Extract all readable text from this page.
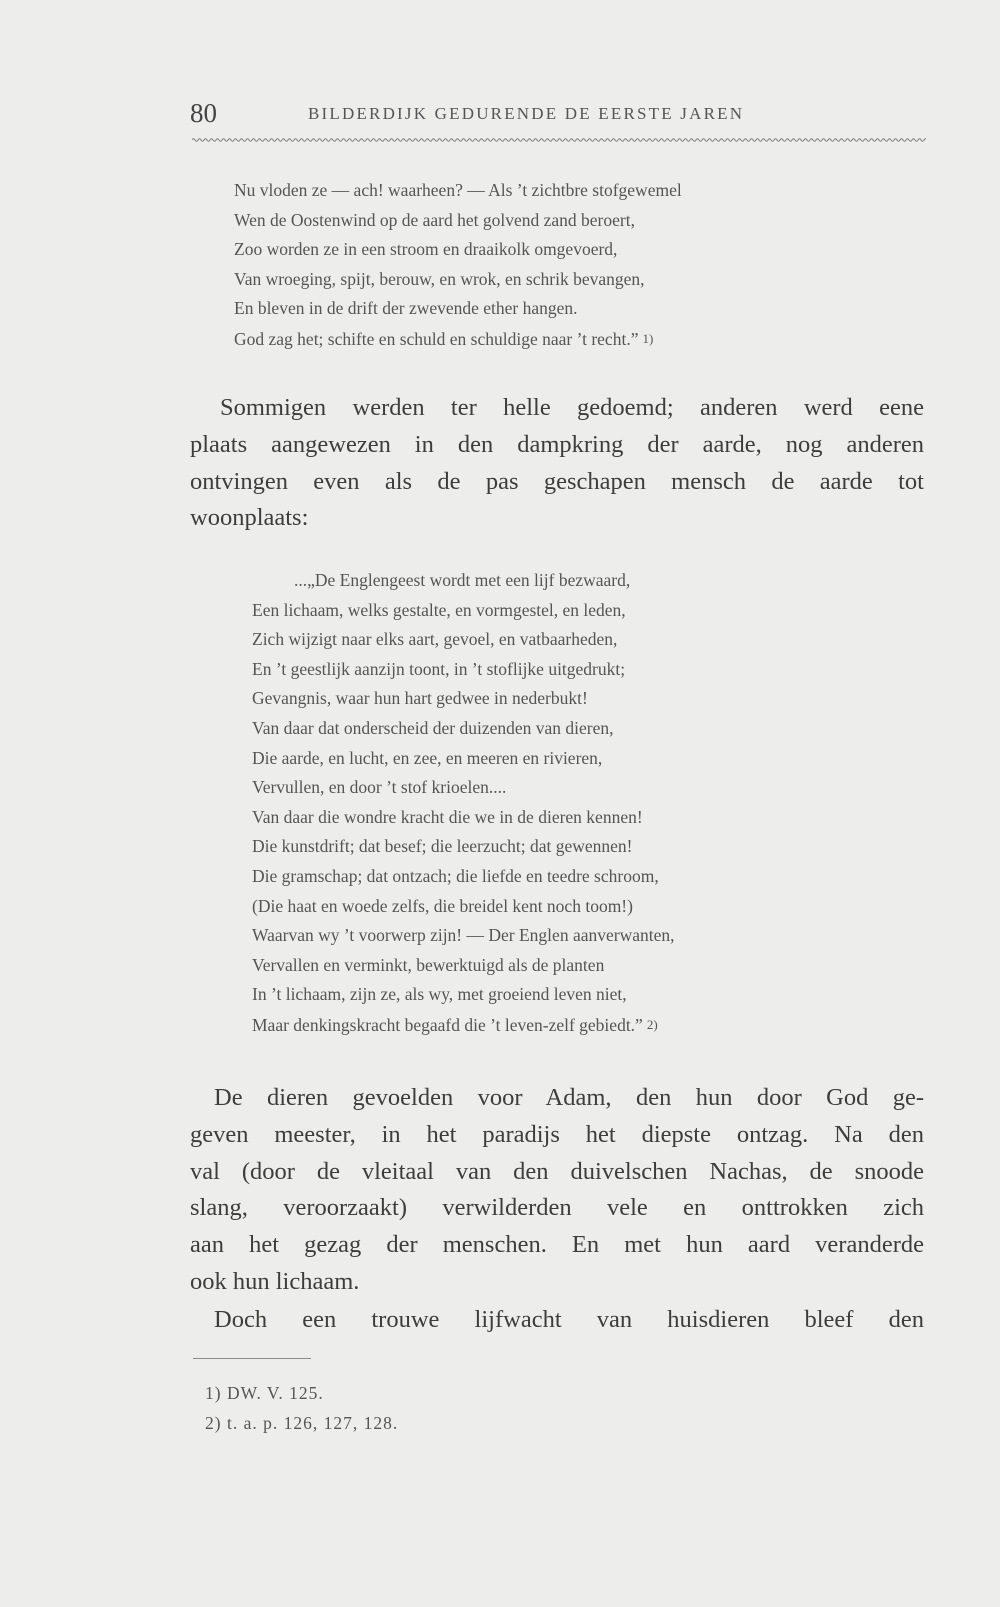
80	BILDERDIJK GEDURENDE DE EERSTE JAREN
Nu vloden ze — ach! waarheen? — Als ’t zichtbre stofgewemel
Wen de Oostenwind op de aard het golvend zand beroert,
Zoo worden ze in een stroom en draaikolk omgevoerd,
Van wroeging, spijt, berouw, en wrok, en schrik bevangen,
En bleven in de drift der zwevende ether hangen.
God zag het; schifte en schuld en schuldige naar ’t recht.” 1)
Sommigen werden ter helle gedoemd; anderen werd eene
plaats aangewezen in den dampkring der aarde, nog anderen
ontvingen even als de pas geschapen mensch de aarde tot
woonplaats:
...„De Englengeest wordt met een lijf bezwaard,
Een lichaam, welks gestalte, en vormgestel, en leden,
Zich wijzigt naar elks aart, gevoel, en vatbaarheden,
En ’t geestlijk aanzijn toont, in ’t stoflijke uitgedrukt;
Gevangnis, waar hun hart gedwee in nederbukt!
Van daar dat onderscheid der duizenden van dieren,
Die aarde, en lucht, en zee, en meeren en rivieren,
Vervullen, en door ’t stof krioelen....
Van daar die wondre kracht die we in de dieren kennen!
Die kunstdrift; dat besef; die leerzucht; dat gewennen!
Die gramschap; dat ontzach; die liefde en teedre schroom,
(Die haat en woede zelfs, die breidel kent noch toom!)
Waarvan wy ’t voorwerp zijn! — Der Englen aanverwanten,
Vervallen en verminkt, bewerktuigd als de planten
In ’t lichaam, zijn ze, als wy, met groeiend leven niet,
Maar denkingskracht begaafd die ’t leven-zelf gebiedt.” 2)
De dieren gevoelden voor Adam, den hun door God ge-
geven meester, in het paradijs het diepste ontzag. Na den
val (door de vleitaal van den duivelschen Nachas, de snoode
slang, veroorzaakt) verwilderden vele en onttrokken zich
aan het gezag der menschen. En met hun aard veranderde
ook hun lichaam.
Doch een trouwe lijfwacht van huisdieren bleef den
1) DW. V. 125.
2) t. a. p. 126, 127, 128.
